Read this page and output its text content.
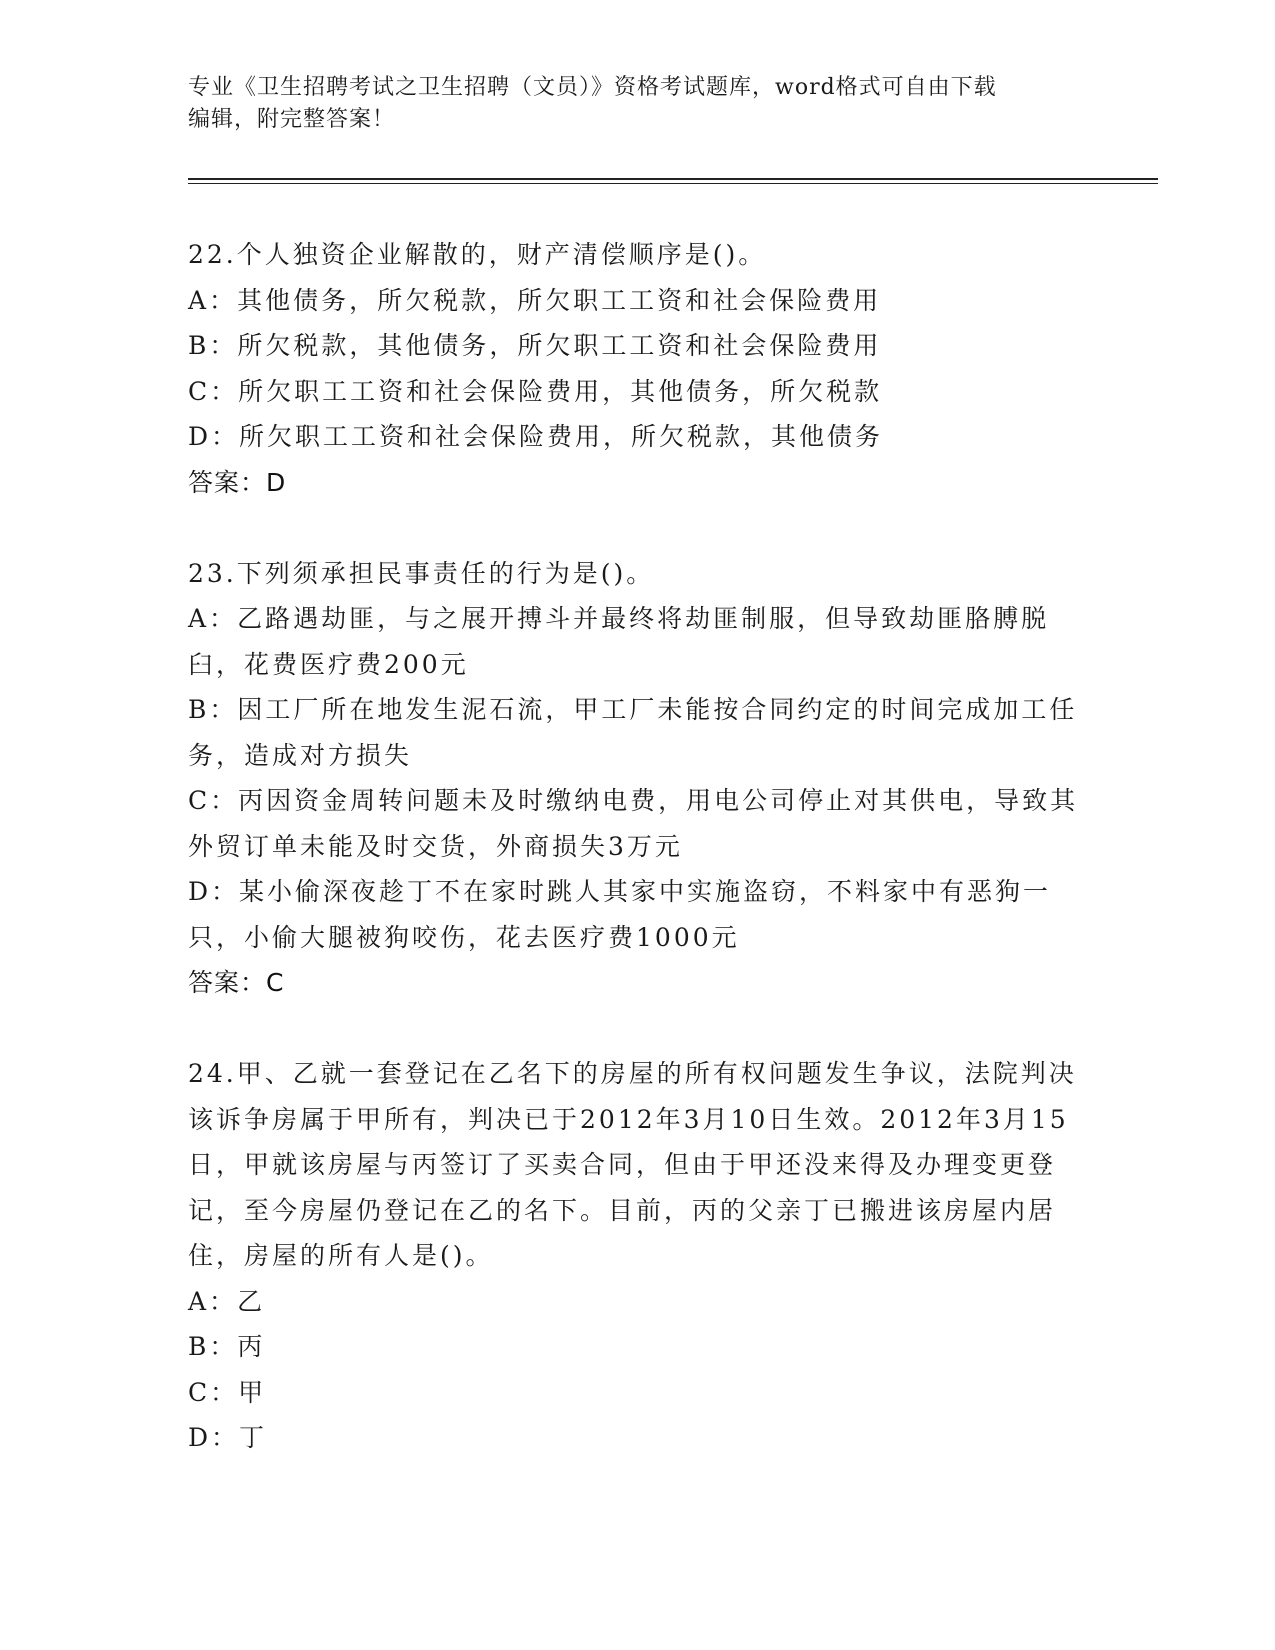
专业《卫生招聘考试之卫生招聘（文员）》资格考试题库，word格式可自由下载
编辑，附完整答案！

22.个人独资企业解散的，财产清偿顺序是()。

A：其他债务，所欠税款，所欠职工工资和社会保险费用

B：所欠税款，其他债务，所欠职工工资和社会保险费用

C：所欠职工工资和社会保险费用，其他债务，所欠税款

D：所欠职工工资和社会保险费用，所欠税款，其他债务

答案：D

23.下列须承担民事责任的行为是()。

A：乙路遇劫匪，与之展开搏斗并最终将劫匪制服，但导致劫匪胳膊脱臼，花费医疗费200元

B：因工厂所在地发生泥石流，甲工厂未能按合同约定的时间完成加工任务，造成对方损失

C：丙因资金周转问题未及时缴纳电费，用电公司停止对其供电，导致其外贸订单未能及时交货，外商损失3万元

D：某小偷深夜趁丁不在家时跳人其家中实施盗窃，不料家中有恶狗一只，小偷大腿被狗咬伤，花去医疗费1000元

答案：C

24.甲、乙就一套登记在乙名下的房屋的所有权问题发生争议，法院判决该诉争房属于甲所有，判决已于2012年3月10日生效。2012年3月15日，甲就该房屋与丙签订了买卖合同，但由于甲还没来得及办理变更登记，至今房屋仍登记在乙的名下。目前，丙的父亲丁已搬进该房屋内居住，房屋的所有人是()。

A：乙

B：丙

C：甲

D：丁
